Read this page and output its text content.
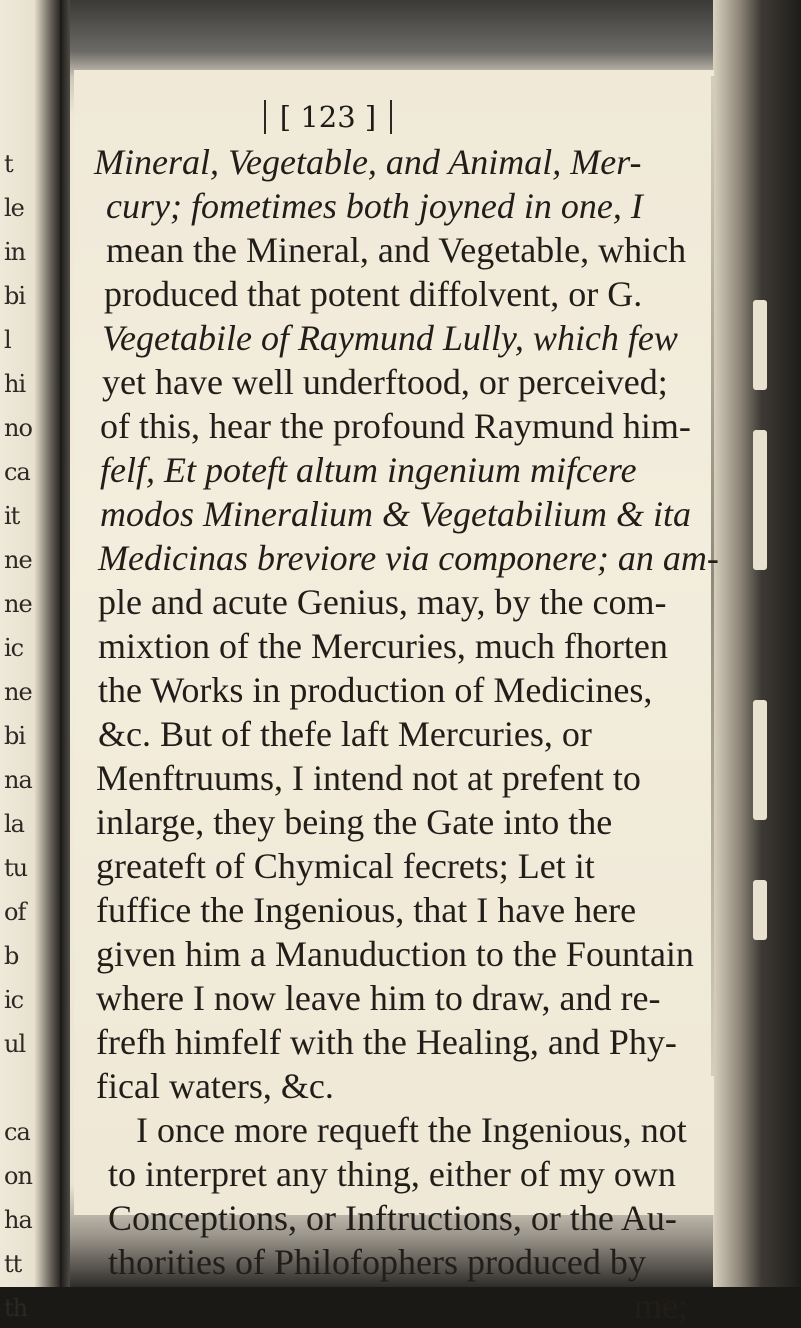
t
le
in
bi
l
hi
no
ca
it
ne
ne
ic
ne
bi
na
la
tu
of
b
ic
ul
ca
on
ha
tt
th
[ 123 ]
Mineral, Vegetable, and Animal, Mer-
cury; fometimes both joyned in one, I
mean the Mineral, and Vegetable, which
produced that potent diffolvent, or G.
Vegetabile of Raymund Lully, which few
yet have well underftood, or perceived;
of this, hear the profound Raymund him-
felf, Et poteft altum ingenium mifcere
modos Mineralium & Vegetabilium & ita
Medicinas breviore via componere; an am-
ple and acute Genius, may, by the com-
mixtion of the Mercuries, much fhorten
the Works in production of Medicines,
&c. But of thefe laft Mercuries, or
Menftruums, I intend not at prefent to
inlarge, they being the Gate into the
greateft of Chymical fecrets; Let it
fuffice the Ingenious, that I have here
given him a Manuduction to the Fountain
where I now leave him to draw, and re-
frefh himfelf with the Healing, and Phy-
fical waters, &c.
I once more requeft the Ingenious, not
to interpret any thing, either of my own
Conceptions, or Inftructions, or the Au-
thorities of Philofophers produced by
me;
